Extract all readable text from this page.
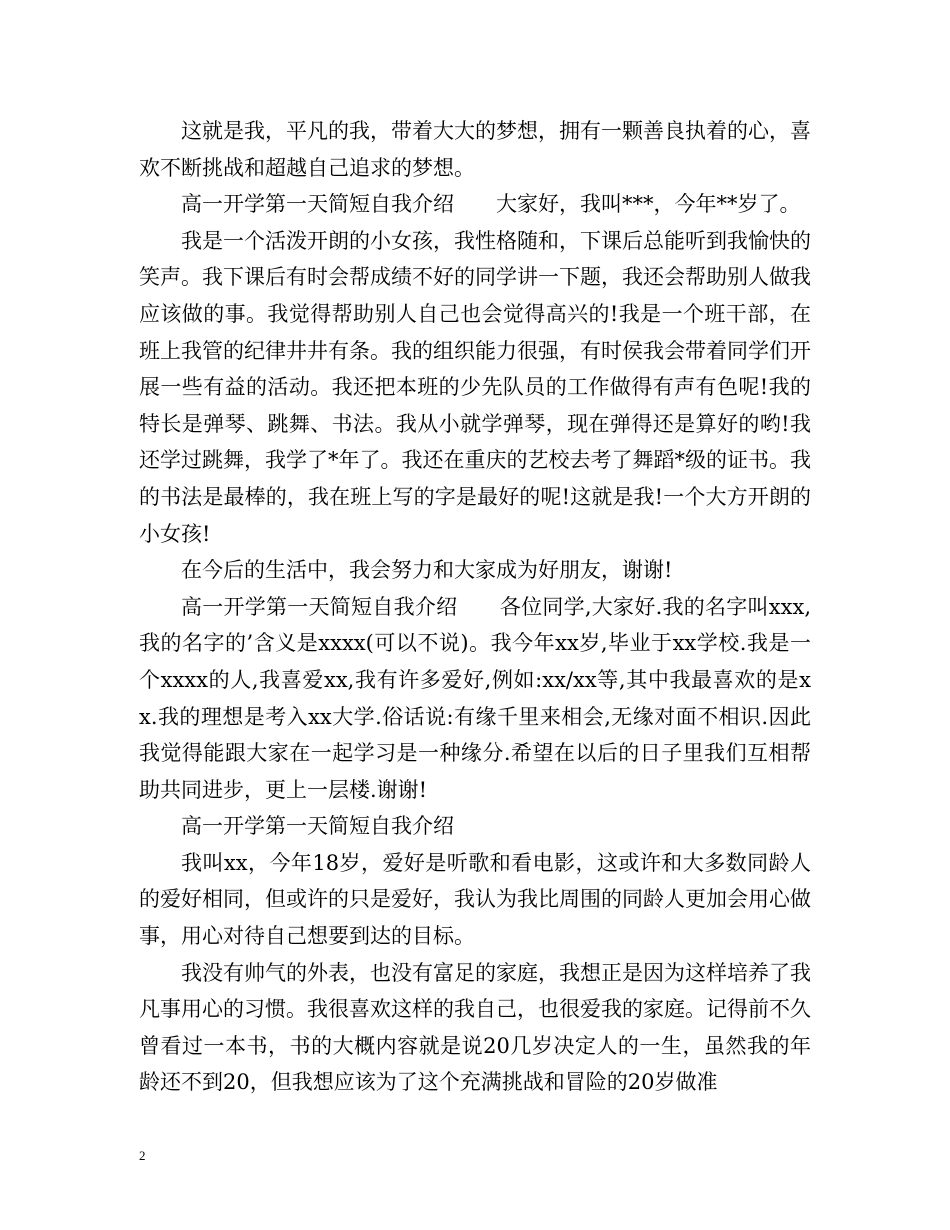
这就是我，平凡的我，带着大大的梦想，拥有一颗善良执着的心，喜欢不断挑战和超越自己追求的梦想。

高一开学第一天简短自我介绍　　大家好，我叫***，今年**岁了。

我是一个活泼开朗的小女孩，我性格随和，下课后总能听到我愉快的笑声。我下课后有时会帮成绩不好的同学讲一下题，我还会帮助别人做我应该做的事。我觉得帮助别人自己也会觉得高兴的!我是一个班干部，在班上我管的纪律井井有条。我的组织能力很强，有时侯我会带着同学们开展一些有益的活动。我还把本班的少先队员的工作做得有声有色呢!我的特长是弹琴、跳舞、书法。我从小就学弹琴，现在弹得还是算好的哟!我还学过跳舞，我学了*年了。我还在重庆的艺校去考了舞蹈*级的证书。我的书法是最棒的，我在班上写的字是最好的呢!这就是我!一个大方开朗的小女孩!

在今后的生活中，我会努力和大家成为好朋友，谢谢!

高一开学第一天简短自我介绍　　各位同学,大家好.我的名字叫xxx,我的名字的’含义是xxxx(可以不说)。我今年xx岁,毕业于xx学校.我是一个xxxx的人,我喜爱xx,我有许多爱好,例如:xx/xx等,其中我最喜欢的是xx.我的理想是考入xx大学.俗话说:有缘千里来相会,无缘对面不相识.因此我觉得能跟大家在一起学习是一种缘分.希望在以后的日子里我们互相帮助共同进步，更上一层楼.谢谢!

高一开学第一天简短自我介绍

我叫xx，今年18岁，爱好是听歌和看电影，这或许和大多数同龄人的爱好相同，但或许的只是爱好，我认为我比周围的同龄人更加会用心做事，用心对待自己想要到达的目标。

我没有帅气的外表，也没有富足的家庭，我想正是因为这样培养了我凡事用心的习惯。我很喜欢这样的我自己，也很爱我的家庭。记得前不久曾看过一本书，书的大概内容就是说20几岁决定人的一生，虽然我的年龄还不到20，但我想应该为了这个充满挑战和冒险的20岁做准

2
